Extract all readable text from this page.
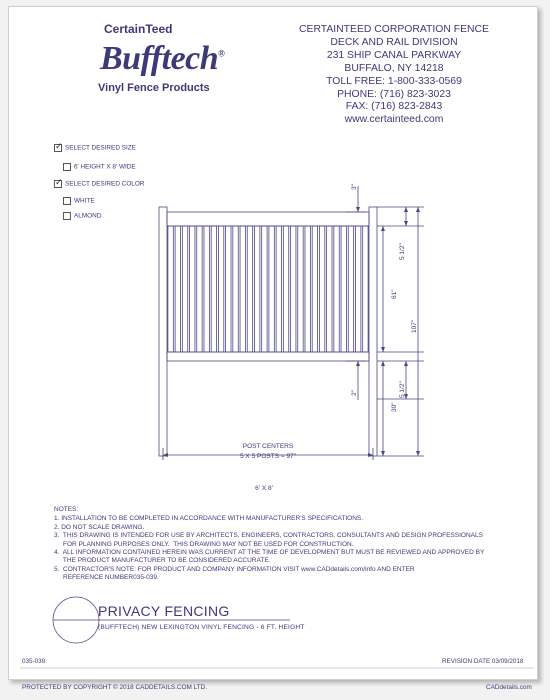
CertainTeed
Bufftech®
Vinyl Fence Products
CERTAINTEED CORPORATION FENCE
DECK AND RAIL DIVISION
231 SHIP CANAL PARKWAY
BUFFALO, NY 14218
TOLL FREE: 1-800-333-0569
PHONE: (716) 823-3023
FAX: (716) 823-2843
www.certainteed.com
✓SELECT DESIRED SIZE
6' HEIGHT X 8' WIDE
✓SELECT DESIRED COLOR
WHITE
ALMOND
3"
5 1/2"
61"
107"
2"	5 1/2"
30"
POST CENTERS
5 X 5 POSTS = 97"
6' X 8'
NOTES:
1. INSTALLATION TO BE COMPLETED IN ACCORDANCE WITH MANUFACTURER'S SPECIFICATIONS.
2. DO NOT SCALE DRAWING.
3.  THIS DRAWING IS INTENDED FOR USE BY ARCHITECTS, ENGINEERS, CONTRACTORS, CONSULTANTS AND DESIGN PROFESSIONALS
FOR PLANNING PURPOSES ONLY.  THIS DRAWING MAY NOT BE USED FOR CONSTRUCTION.
4.  ALL INFORMATION CONTAINED HEREIN WAS CURRENT AT THE TIME OF DEVELOPMENT BUT MUST BE REVIEWED AND APPROVED BY
THE PRODUCT MANUFACTURER TO BE CONSIDERED ACCURATE.
5.  CONTRACTOR'S NOTE: FOR PRODUCT AND COMPANY INFORMATION VISIT www.CADdetails.com/info AND ENTER
REFERENCE NUMBER035-039.
PRIVACY FENCING
(BUFFTECH) NEW LEXINGTON VINYL FENCING - 6 FT. HEIGHT
035-039	REVISION DATE 03/09/2018
PROTECTED BY COPYRIGHT © 2018 CADDETAILS.COM LTD.	CADdetails.com
